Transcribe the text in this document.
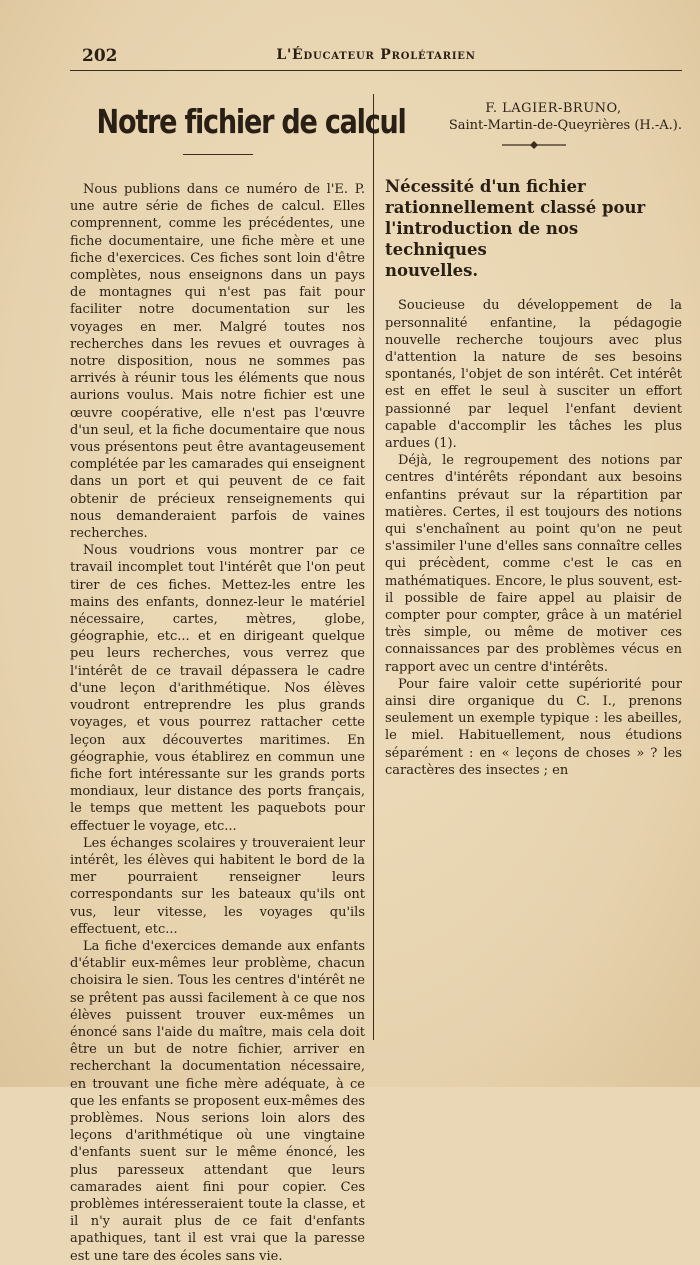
202	L'Éducateur Prolétarien
Notre fichier de calcul

Nous publions dans ce numéro de l'E. P. une autre série de fiches de calcul. Elles comprennent, comme les précédentes, une fiche documentaire, une fiche mère et une fiche d'exercices. Ces fiches sont loin d'être complètes, nous enseignons dans un pays de montagnes qui n'est pas fait pour faciliter notre documentation sur les voyages en mer. Malgré toutes nos recherches dans les revues et ouvrages à notre disposition, nous ne sommes pas arrivés à réunir tous les éléments que nous aurions voulus. Mais notre fichier est une œuvre coopérative, elle n'est pas l'œuvre d'un seul, et la fiche documentaire que nous vous présentons peut être avantageusement complétée par les camarades qui enseignent dans un port et qui peuvent de ce fait obtenir de précieux renseignements qui nous demanderaient parfois de vaines recherches.

Nous voudrions vous montrer par ce travail incomplet tout l'intérêt que l'on peut tirer de ces fiches. Mettez-les entre les mains des enfants, donnez-leur le matériel nécessaire, cartes, mètres, globe, géographie, etc... et en dirigeant quelque peu leurs recherches, vous verrez que l'intérêt de ce travail dépassera le cadre d'une leçon d'arithmétique. Nos élèves voudront entreprendre les plus grands voyages, et vous pourrez rattacher cette leçon aux découvertes maritimes. En géographie, vous établirez en commun une fiche fort intéressante sur les grands ports mondiaux, leur distance des ports français, le temps que mettent les paquebots pour effectuer le voyage, etc...

Les échanges scolaires y trouveraient leur intérêt, les élèves qui habitent le bord de la mer pourraient renseigner leurs correspondants sur les bateaux qu'ils ont vus, leur vitesse, les voyages qu'ils effectuent, etc...

La fiche d'exercices demande aux enfants d'établir eux-mêmes leur problème, chacun choisira le sien. Tous les centres d'intérêt ne se prêtent pas aussi facilement à ce que nos élèves puissent trouver eux-mêmes un énoncé sans l'aide du maître, mais cela doit être un but de notre fichier, arriver en recherchant la documentation nécessaire, en trouvant une fiche mère adéquate, à ce que les enfants se proposent eux-mêmes des problèmes. Nous serions loin alors des leçons d'arithmétique où une vingtaine d'enfants suent sur le même énoncé, les plus paresseux attendant que leurs camarades aient fini pour copier. Ces problèmes intéresseraient toute la classe, et il n'y aurait plus de ce fait d'enfants apathiques, tant il est vrai que la paresse est une tare des écoles sans vie.

F. LAGIER-BRUNO,
Saint-Martin-de-Queyrières (H.-A.).
Nécessité d'un fichier
rationnellement classé pour
l'introduction de nos techniques
nouvelles.

Soucieuse du développement de la personnalité enfantine, la pédagogie nouvelle recherche toujours avec plus d'attention la nature de ses besoins spontanés, l'objet de son intérêt. Cet intérêt est en effet le seul à susciter un effort passionné par lequel l'enfant devient capable d'accomplir les tâches les plus ardues (1).

Déjà, le regroupement des notions par centres d'intérêts répondant aux besoins enfantins prévaut sur la répartition par matières. Certes, il est toujours des notions qui s'enchaînent au point qu'on ne peut s'assimiler l'une d'elles sans connaître celles qui précèdent, comme c'est le cas en mathématiques. Encore, le plus souvent, est-il possible de faire appel au plaisir de compter pour compter, grâce à un matériel très simple, ou même de motiver ces connaissances par des problèmes vécus en rapport avec un centre d'intérêts.

Pour faire valoir cette supériorité pour ainsi dire organique du C. I., prenons seulement un exemple typique : les abeilles, le miel. Habituellement, nous étudions séparément : en « leçons de choses » ? les caractères des insectes ; en
